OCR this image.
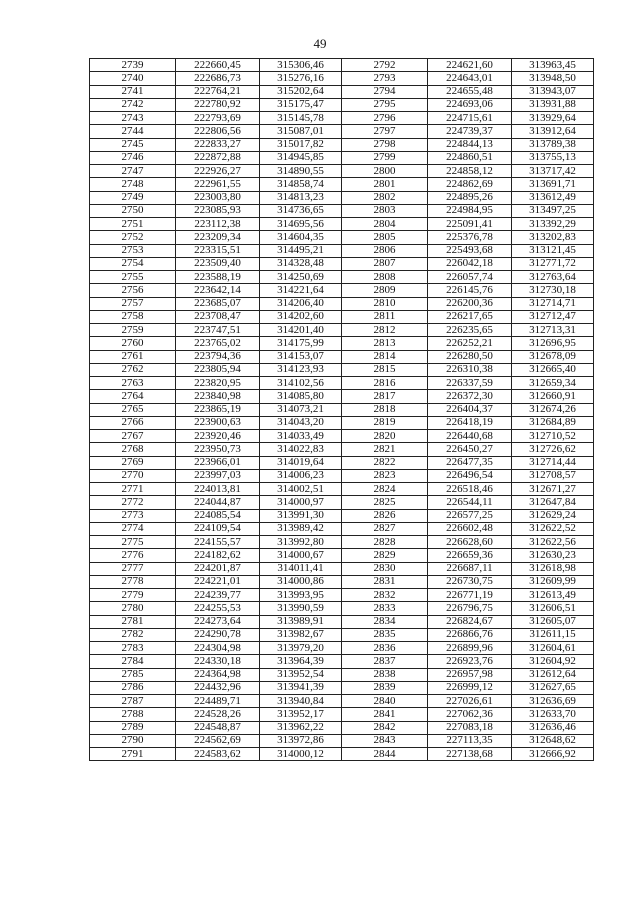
49
2739	222660,45	315306,46	2792	224621,60	313963,45
2740	222686,73	315276,16	2793	224643,01	313948,50
2741	222764,21	315202,64	2794	224655,48	313943,07
2742	222780,92	315175,47	2795	224693,06	313931,88
2743	222793,69	315145,78	2796	224715,61	313929,64
2744	222806,56	315087,01	2797	224739,37	313912,64
2745	222833,27	315017,82	2798	224844,13	313789,38
2746	222872,88	314945,85	2799	224860,51	313755,13
2747	222926,27	314890,55	2800	224858,12	313717,42
2748	222961,55	314858,74	2801	224862,69	313691,71
2749	223003,80	314813,23	2802	224895,26	313612,49
2750	223085,93	314736,65	2803	224984,95	313497,25
2751	223112,38	314695,56	2804	225091,41	313392,29
2752	223209,34	314604,35	2805	225376,78	313202,83
2753	223315,51	314495,21	2806	225493,68	313121,45
2754	223509,40	314328,48	2807	226042,18	312771,72
2755	223588,19	314250,69	2808	226057,74	312763,64
2756	223642,14	314221,64	2809	226145,76	312730,18
2757	223685,07	314206,40	2810	226200,36	312714,71
2758	223708,47	314202,60	2811	226217,65	312712,47
2759	223747,51	314201,40	2812	226235,65	312713,31
2760	223765,02	314175,99	2813	226252,21	312696,95
2761	223794,36	314153,07	2814	226280,50	312678,09
2762	223805,94	314123,93	2815	226310,38	312665,40
2763	223820,95	314102,56	2816	226337,59	312659,34
2764	223840,98	314085,80	2817	226372,30	312660,91
2765	223865,19	314073,21	2818	226404,37	312674,26
2766	223900,63	314043,20	2819	226418,19	312684,89
2767	223920,46	314033,49	2820	226440,68	312710,52
2768	223950,73	314022,83	2821	226450,27	312726,62
2769	223966,01	314019,64	2822	226477,35	312714,44
2770	223997,03	314006,23	2823	226496,54	312708,57
2771	224013,81	314002,51	2824	226518,46	312671,27
2772	224044,87	314000,97	2825	226544,11	312647,84
2773	224085,54	313991,30	2826	226577,25	312629,24
2774	224109,54	313989,42	2827	226602,48	312622,52
2775	224155,57	313992,80	2828	226628,60	312622,56
2776	224182,62	314000,67	2829	226659,36	312630,23
2777	224201,87	314011,41	2830	226687,11	312618,98
2778	224221,01	314000,86	2831	226730,75	312609,99
2779	224239,77	313993,95	2832	226771,19	312613,49
2780	224255,53	313990,59	2833	226796,75	312606,51
2781	224273,64	313989,91	2834	226824,67	312605,07
2782	224290,78	313982,67	2835	226866,76	312611,15
2783	224304,98	313979,20	2836	226899,96	312604,61
2784	224330,18	313964,39	2837	226923,76	312604,92
2785	224364,98	313952,54	2838	226957,98	312612,64
2786	224432,96	313941,39	2839	226999,12	312627,65
2787	224489,71	313940,84	2840	227026,61	312636,69
2788	224528,26	313952,17	2841	227062,36	312633,70
2789	224548,87	313962,22	2842	227083,18	312636,46
2790	224562,69	313972,86	2843	227113,35	312648,62
2791	224583,62	314000,12	2844	227138,68	312666,92
